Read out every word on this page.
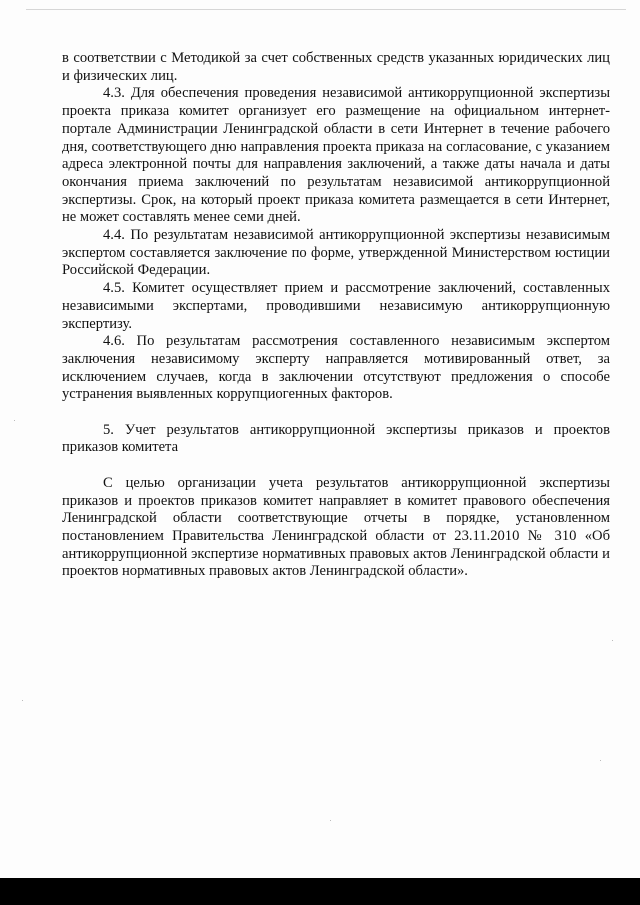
в соответствии с Методикой за счет собственных средств указанных юридических лиц и физических лиц.

4.3. Для обеспечения проведения независимой антикоррупционной экспертизы проекта приказа комитет организует его размещение на официальном интернет-портале Администрации Ленинградской области в сети Интернет в течение рабочего дня, соответствующего дню направления проекта приказа на согласование, с указанием адреса электронной почты для направления заключений, а также даты начала и даты окончания приема заключений по результатам независимой антикоррупционной экспертизы. Срок, на который проект приказа комитета размещается в сети Интернет, не может составлять менее семи дней.

4.4. По результатам независимой антикоррупционной экспертизы независимым экспертом составляется заключение по форме, утвержденной Министерством юстиции Российской Федерации.

4.5. Комитет осуществляет прием и рассмотрение заключений, составленных независимыми экспертами, проводившими независимую антикоррупционную экспертизу.

4.6. По результатам рассмотрения составленного независимым экспертом заключения независимому эксперту направляется мотивированный ответ, за исключением случаев, когда в заключении отсутствуют предложения о способе устранения выявленных коррупциогенных факторов.

5. Учет результатов антикоррупционной экспертизы приказов и проектов приказов комитета

С целью организации учета результатов антикоррупционной экспертизы приказов и проектов приказов комитет направляет в комитет правового обеспечения Ленинградской области соответствующие отчеты в порядке, установленном постановлением Правительства Ленинградской области от 23.11.2010 № 310 «Об антикоррупционной экспертизе нормативных правовых актов Ленинградской области и проектов нормативных правовых актов Ленинградской области».
